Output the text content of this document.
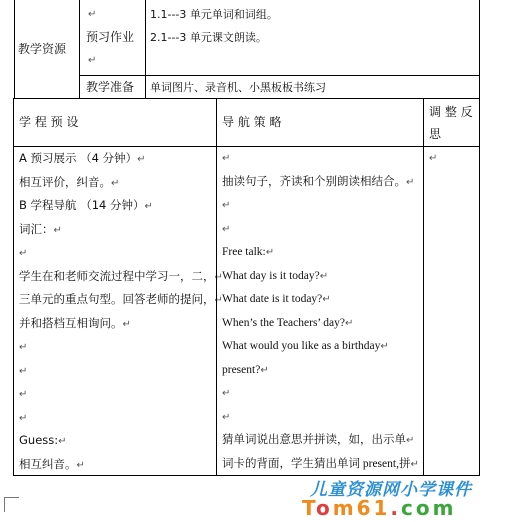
教学资源
↵
预习作业
↵
1.1---3 单元单词和词组。
2.1---3 单元课文朗读。
教学准备 单词图片、录音机、小黑板板书练习
学 程 预 设	导 航 策 略
调 整 反 思
A 预习展示 （4 分钟）↵
相互评价，纠音。↵
B 学程导航 （14 分钟）↵
词汇：↵
↵
学生在和老师交流过程中学习一，二，↵
三单元的重点句型。回答老师的提问，↵
并和搭档互相询问。↵
↵
↵
↵
↵
Guess:↵
相互纠音。↵
↵
抽读句子，齐读和个别朗读相结合。↵
↵
↵
Free talk:↵
What day is it today?↵
What date is it today?↵
When’s the Teachers’ day?↵
What would you like as a birthday↵
present?↵
↵
↵
猜单词说出意思并拼读，如，出示单↵
词卡的背面，学生猜出单词 present,拼↵
↵
儿童资源网小学课件
Tom61.com
